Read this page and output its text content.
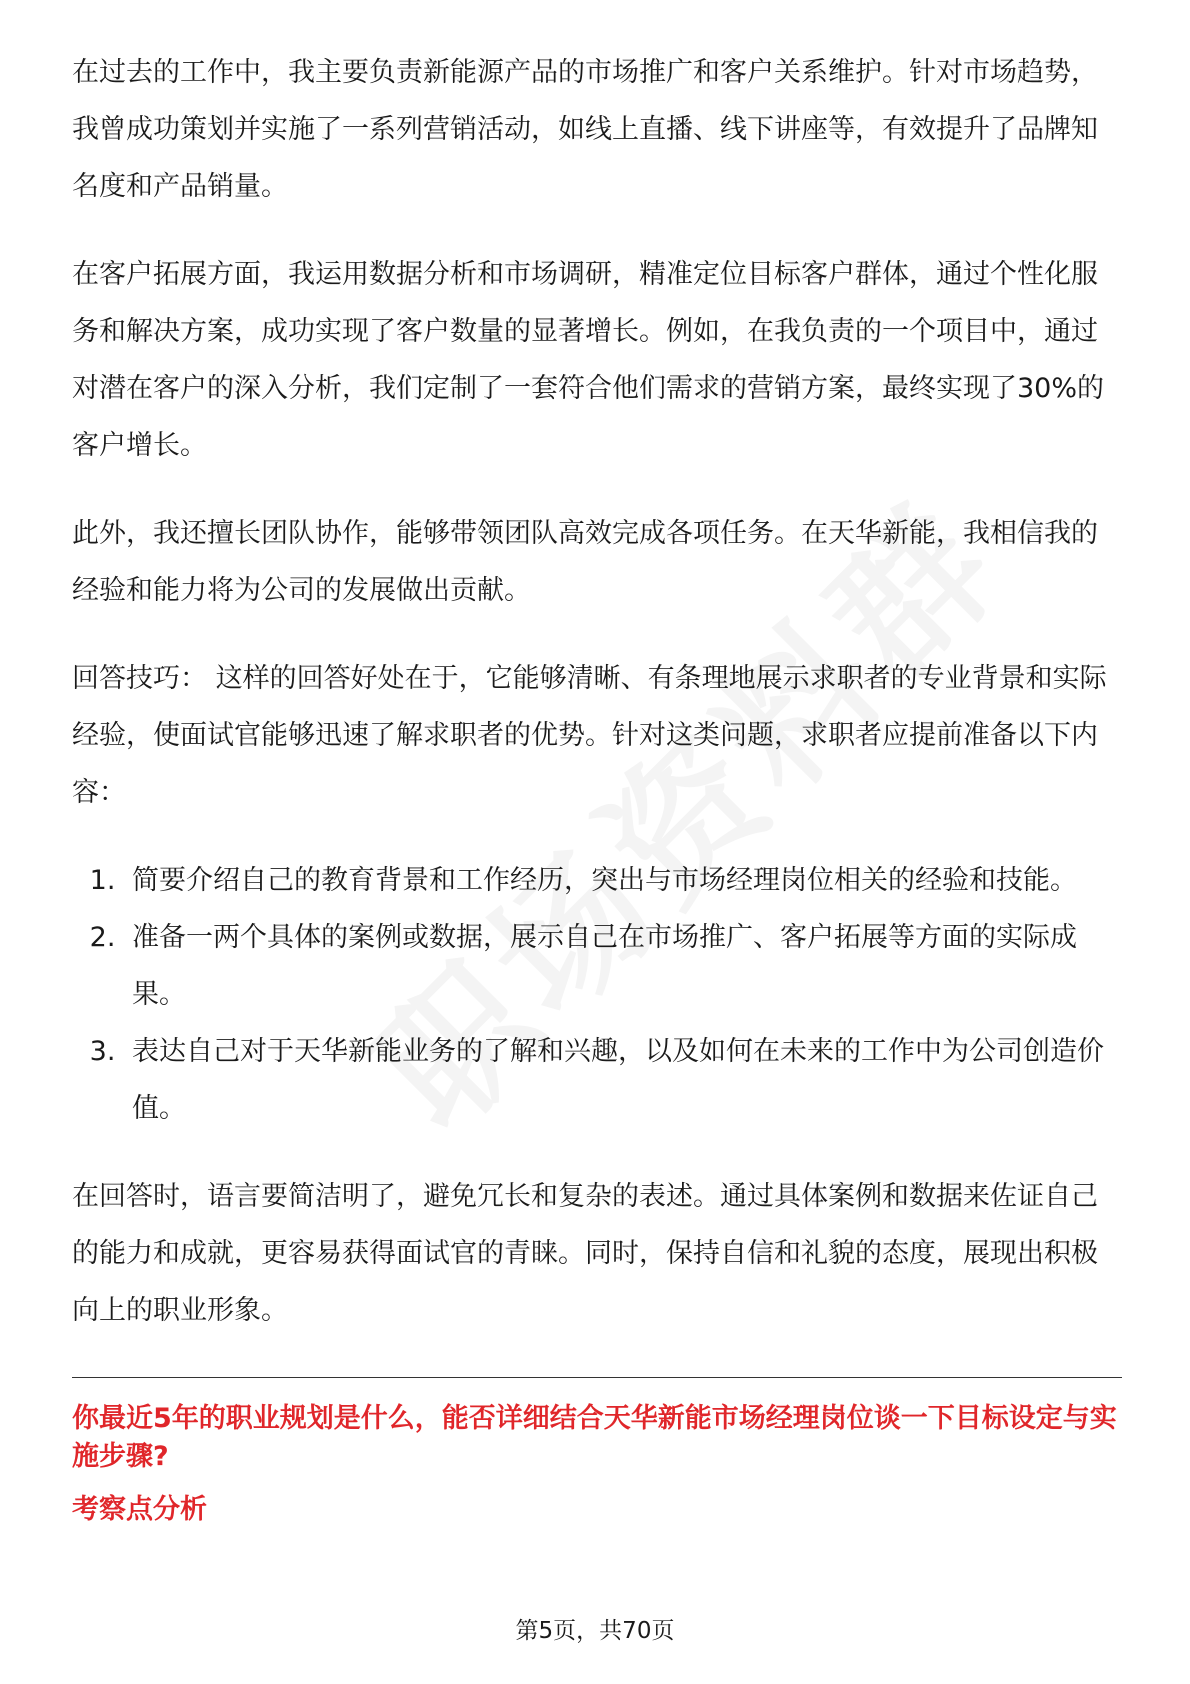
在过去的工作中，我主要负责新能源产品的市场推广和客户关系维护。针对市场趋势，我曾成功策划并实施了一系列营销活动，如线上直播、线下讲座等，有效提升了品牌知名度和产品销量。

在客户拓展方面，我运用数据分析和市场调研，精准定位目标客户群体，通过个性化服务和解决方案，成功实现了客户数量的显著增长。例如，在我负责的一个项目中，通过对潜在客户的深入分析，我们定制了一套符合他们需求的营销方案，最终实现了30%的客户增长。

此外，我还擅长团队协作，能够带领团队高效完成各项任务。在天华新能，我相信我的经验和能力将为公司的发展做出贡献。

回答技巧： 这样的回答好处在于，它能够清晰、有条理地展示求职者的专业背景和实际经验，使面试官能够迅速了解求职者的优势。针对这类问题，求职者应提前准备以下内容：

1. 简要介绍自己的教育背景和工作经历，突出与市场经理岗位相关的经验和技能。
2. 准备一两个具体的案例或数据，展示自己在市场推广、客户拓展等方面的实际成果。
3. 表达自己对于天华新能业务的了解和兴趣，以及如何在未来的工作中为公司创造价值。

在回答时，语言要简洁明了，避免冗长和复杂的表述。通过具体案例和数据来佐证自己的能力和成就，更容易获得面试官的青睐。同时，保持自信和礼貌的态度，展现出积极向上的职业形象。

你最近5年的职业规划是什么，能否详细结合天华新能市场经理岗位谈一下目标设定与实施步骤?
考察点分析
第5页，共70页
